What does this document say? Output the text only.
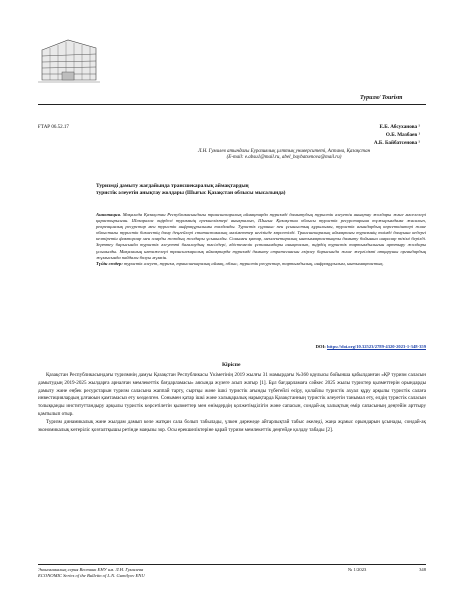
Туризм/ Tourism
ҒТАР 06.52.17	Е.Б. Абсуханова ¹
О.Б. Мазбаев ¹
А.Б. Байбатсенова ¹
Л.Н. Гумилев атындағы Еуразиялық ұлттық университеті, Астана, Қазақстан
(E-mail: e.absu1@mail.ru, abel_baybatsenova@mail.ru)
Туризмді дамыту жағдайында трансшекаралық аймақтардың
туристік әлеуетін анықтау жолдары (Шығыс Қазақстан облысы мысалында)
Аннотация. Мақалада Қазақстан Республикасындағы трансшекаралық аймақтарда туризмді дамытудың туристік әлеуетін анықтау жолдары және мәселелері қарастырылған. Шекаралас өңірдегі туризмнің ерекшеліктері анықталып, Шығыс Қазақстан облысы туристік ресурстарына тұжырымдама жасалып, рекреациялық ресурстар мен туристік инфрақұрылымы талданды. Туристік сұраныс пен ұсыныстың құрылымы, туристік ағындардың көрсеткіштері және облыстағы туристік бизнестің даму деңгейлері статистикалық мәліметтер негізінде көрсетілді. Трансшекаралық аймақтағы туризмнің тиімді дамуына кедергі келтіретін факторлар мен оларды жоюдың жолдары ұсынылды. Сонымен қатар, мемлекетаралық ынтымақтастықты дамыту бойынша шаралар тізімі берілді. Зерттеу барысында туристік әлеуетті бағалаудың тәсілдері, әдістемелік ұстанымдары анықталып, өңірдің туристік тартымдылығын арттыру жолдары ұсынылды. Мақаланың нәтижелері трансшекаралық аймақтарда туризмді дамыту стратегиясын әзірлеу барысында және жергілікті атқарушы органдардың жұмысында пайдалы болуы мүмкін.
Түйін сөздер: туристік әлеует, туризм, трансшекаралық аймақ, облыс, туристік ресурстар, тартымдылық, инфрақұрылым, ынтымақтастық.
DOI: https://doi.org/10.32523/2789-4320-2023-1-348-359
Кіріспе

Қазақстан Республикасындағы туризмнің дамуы Қазақстан Республикасы Үкіметінің 2019 жылғы 31 мамырдағы №360 қаулысы бойынша қабылданған «ҚР туризм саласын дамытудың 2019-2025 жылдарға арналған мемлекеттік бағдарламасы» аясында жүзеге асып жатыр [1]. Бұл бағдарламаға сәйкес 2025 жылы туристер қызметтерін орындарды дамыту және еңбек ресурстарын туризм саласына жаппай тарту, сыртқы және ішкі туристік ағынды түбегейлі өсіру, қолайлы туристік ахуал құру арқылы туристік салаға инвестициялардың ұлғаюын қамтамасыз ету көзделген. Сонымен қатар ішкі және халықаралық нарықтарда Қазақстанның туристік әлеуетін танымал ету, елдің туристік саласын толыққанды институттандыру арқылы туристік көрсетілетін қызметтер мен өнімдердің қолжетімділігін және сапасын, сондай-ақ халықтың өмір сапасының деңгейін арттыру қамтылып отыр.

Туризм динамикалық және жылдам дамып келе жатқан сала болып табылады, үлкен дәрежеде айтарлықтай табыс әкеледі, жаңа жұмыс орындарын ұсынады, сондай-ақ экономикалық көтеріліс қозғалтқышы ретінде маңызы зор. Осы ерекшеліктеріне қарай туризм мемлекеттік деңгейде қолдау табады [2].

Экономикалық серия Вестник ЕНУ им. Л.Н. Гумилева
ECONOMIC Series of the Bulletin of L.N. Gumilyov ENU
№ 1/2023	348
